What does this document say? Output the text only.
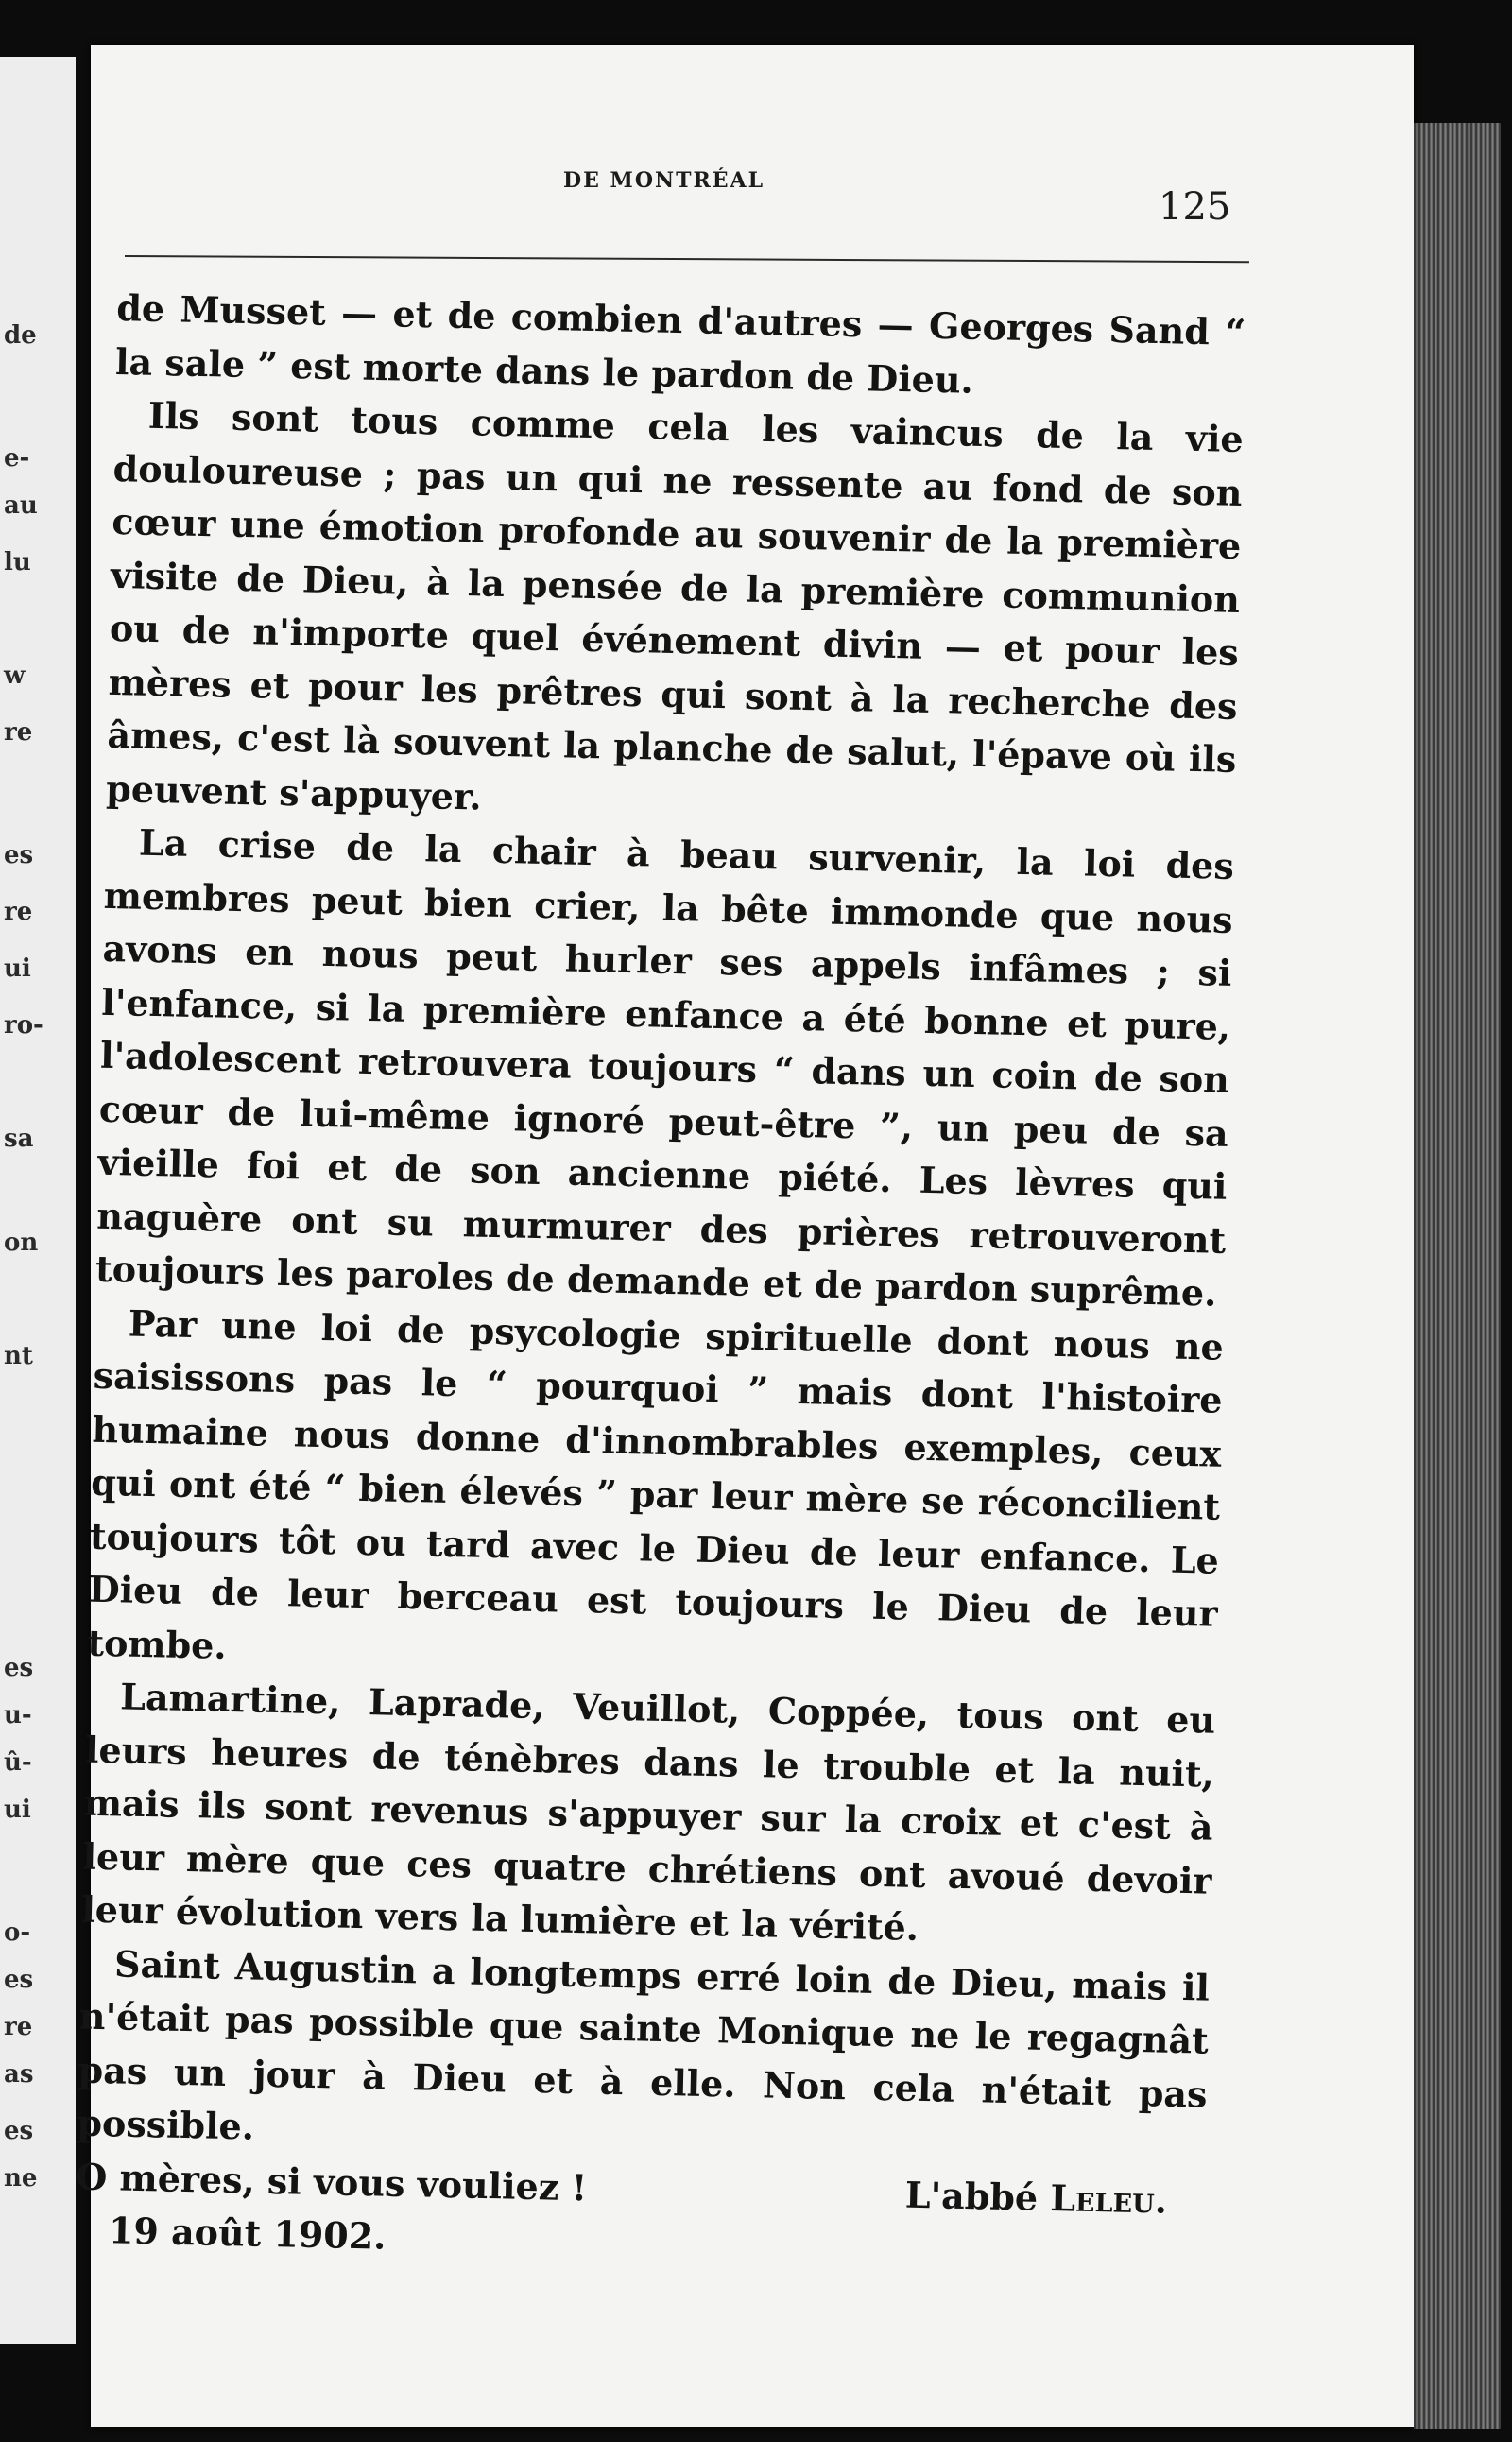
de
e-
au
lu
w
re
es
re
ui
ro-
sa
on
nt
es
u-
û-
ui
o-
es
re
as
es
ne
DE MONTRÉAL
125

de Musset — et de combien d'autres — Georges Sand “ la sale ” est morte dans le pardon de Dieu.

Ils sont tous comme cela les vaincus de la vie douloureuse ; pas un qui ne ressente au fond de son cœur une émotion profonde au souvenir de la première visite de Dieu, à la pensée de la première communion ou de n'importe quel événement divin — et pour les mères et pour les prêtres qui sont à la recherche des âmes, c'est là souvent la planche de salut, l'épave où ils peuvent s'appuyer.

La crise de la chair à beau survenir, la loi des membres peut bien crier, la bête immonde que nous avons en nous peut hurler ses appels infâmes ; si l'enfance, si la première enfance a été bonne et pure, l'adolescent retrouvera toujours “ dans un coin de son cœur de lui-même ignoré peut-être ”, un peu de sa vieille foi et de son ancienne piété. Les lèvres qui naguère ont su murmurer des prières retrouveront toujours les paroles de demande et de pardon suprême.

Par une loi de psycologie spirituelle dont nous ne saisissons pas le “ pourquoi ” mais dont l'histoire humaine nous donne d'innombrables exemples, ceux qui ont été “ bien élevés ” par leur mère se réconcilient toujours tôt ou tard avec le Dieu de leur enfance. Le Dieu de leur berceau est toujours le Dieu de leur tombe.

Lamartine, Laprade, Veuillot, Coppée, tous ont eu leurs heures de ténèbres dans le trouble et la nuit, mais ils sont revenus s'appuyer sur la croix et c'est à leur mère que ces quatre chrétiens ont avoué devoir leur évolution vers la lumière et la vérité.

Saint Augustin a longtemps erré loin de Dieu, mais il n'était pas possible que sainte Monique ne le regagnât pas un jour à Dieu et à elle. Non cela n'était pas possible.

O mères, si vous vouliez !	L'abbé Leleu.

19 août 1902.
